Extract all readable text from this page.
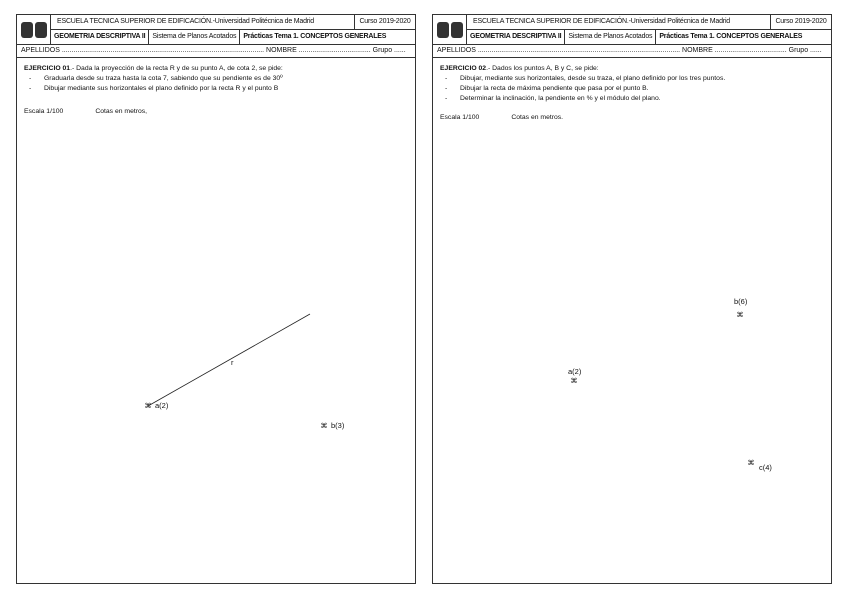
ESCUELA TECNICA SUPERIOR DE EDIFICACIÓN.-Universidad Politécnica de Madrid	Curso 2019-2020
GEOMETRIA DESCRIPTIVA II	Sistema de Planos Acotados	Prácticas Tema 1. CONCEPTOS GENERALES
APELLIDOS ........................................................................................................ NOMBRE ..................................... Grupo ......
EJERCICIO 01.- Dada la proyección de la recta R y de su punto A, de cota 2, se pide:
- Graduarla desde su traza hasta la cota 7, sabiendo que su pendiente es de 30º
- Dibujar mediante sus horizontales el plano definido por la recta R y el punto B
Escala 1/100	Cotas en metros,
r
⌘ a(2)
⌘ b(3)
ESCUELA TECNICA SUPERIOR DE EDIFICACIÓN.-Universidad Politécnica de Madrid	Curso 2019-2020
GEOMETRIA DESCRIPTIVA II	Sistema de Planos Acotados	Prácticas Tema 1. CONCEPTOS GENERALES
APELLIDOS ........................................................................................................ NOMBRE ..................................... Grupo ......
EJERCICIO 02.- Dados los puntos A, B y C, se pide:
- Dibujar, mediante sus horizontales, desde su traza, el plano definido por los tres puntos.
- Dibujar la recta de máxima pendiente que pasa por el punto B.
- Determinar la inclinación, la pendiente en % y el módulo del plano.
Escala 1/100	Cotas en metros.
b(6)
⌘
a(2)
⌘
⌘ c(4)
